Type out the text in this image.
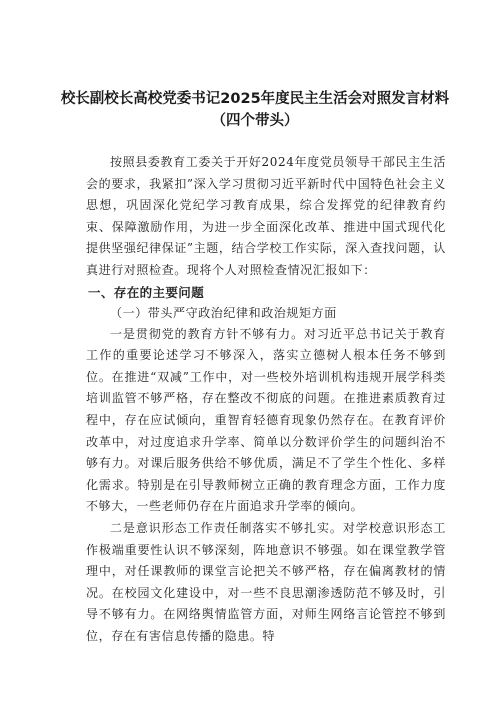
校长副校长高校党委书记2025年度民主生活会对照发言材料（四个带头）

按照县委教育工委关于开好2024年度党员领导干部民主生活会的要求，我紧扣”深入学习贯彻习近平新时代中国特色社会主义思想，巩固深化党纪学习教育成果，综合发挥党的纪律教育约束、保障激励作用，为进一步全面深化改革、推进中国式现代化提供坚强纪律保证”主题，结合学校工作实际，深入查找问题，认真进行对照检查。现将个人对照检查情况汇报如下：

一、存在的主要问题
（一）带头严守政治纪律和政治规矩方面

一是贯彻党的教育方针不够有力。对习近平总书记关于教育工作的重要论述学习不够深入，落实立德树人根本任务不够到位。在推进“双减”工作中，对一些校外培训机构违规开展学科类培训监管不够严格，存在整改不彻底的问题。在推进素质教育过程中，存在应试倾向，重智育轻德育现象仍然存在。在教育评价改革中，对过度追求升学率、简单以分数评价学生的问题纠治不够有力。对课后服务供给不够优质，满足不了学生个性化、多样化需求。特别是在引导教师树立正确的教育理念方面，工作力度不够大，一些老师仍存在片面追求升学率的倾向。

二是意识形态工作责任制落实不够扎实。对学校意识形态工作极端重要性认识不够深刻，阵地意识不够强。如在课堂教学管理中，对任课教师的课堂言论把关不够严格，存在偏离教材的情况。在校园文化建设中，对一些不良思潮渗透防范不够及时，引导不够有力。在网络舆情监管方面，对师生网络言论管控不够到位，存在有害信息传播的隐患。特
